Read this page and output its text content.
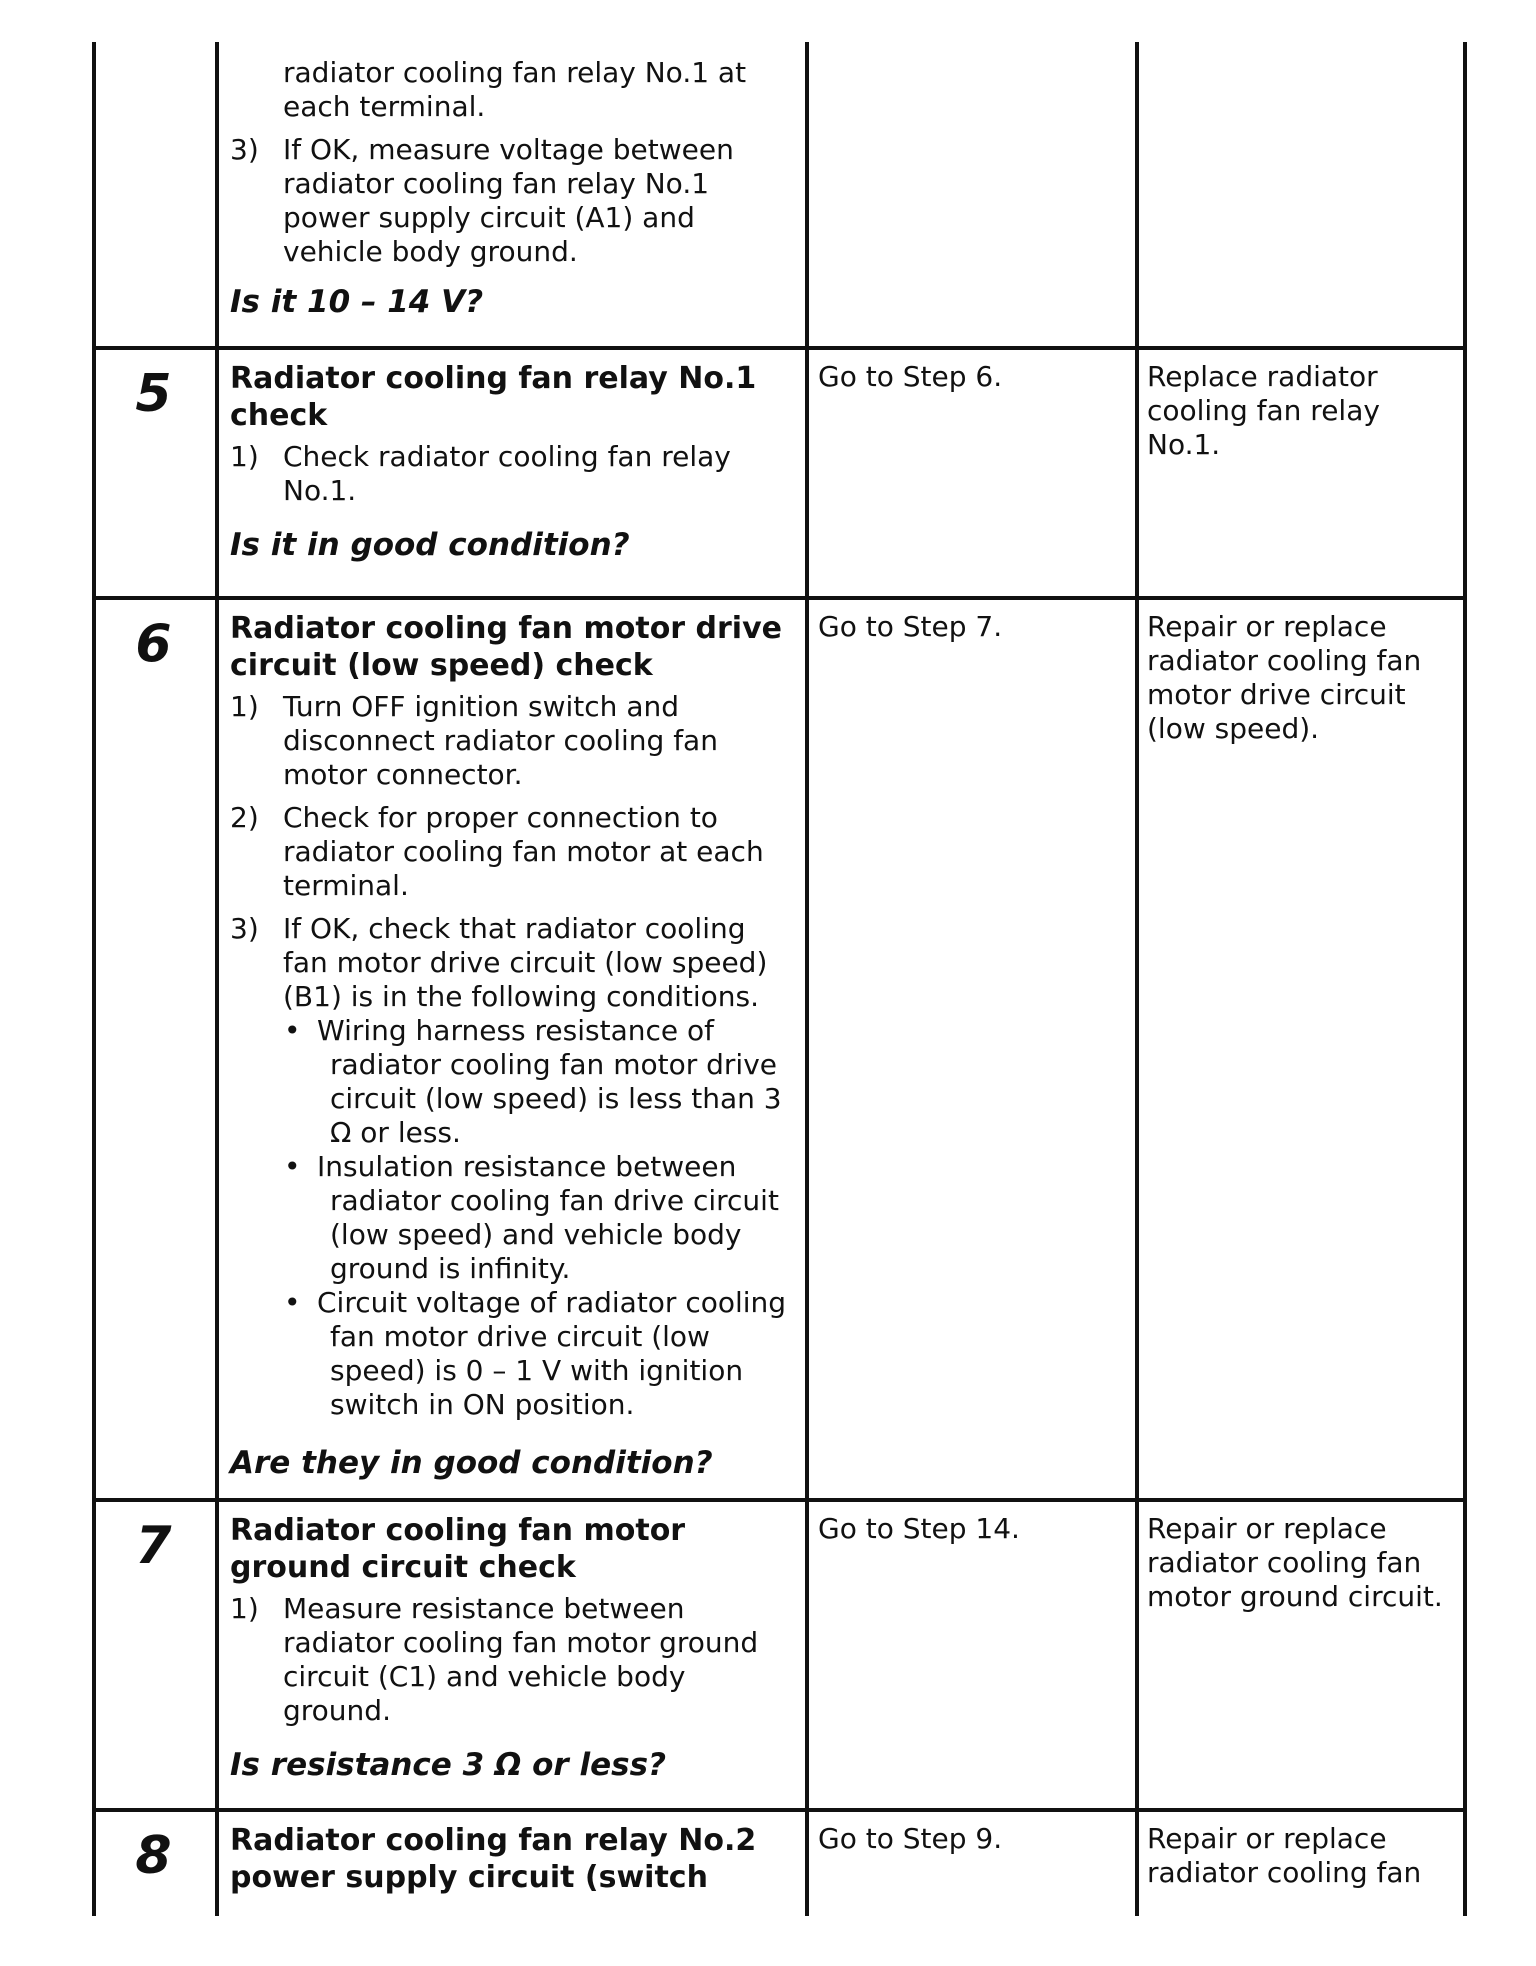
radiator cooling fan relay No.1 at each terminal.
3) If OK, measure voltage between radiator cooling fan relay No.1 power supply circuit (A1) and vehicle body ground.
Is it 10 – 14 V?
5	Radiator cooling fan relay No.1 check
1) Check radiator cooling fan relay No.1.
Is it in good condition?
Go to Step 6.	Replace radiator cooling fan relay No.1.
6	Radiator cooling fan motor drive circuit (low speed) check
1) Turn OFF ignition switch and disconnect radiator cooling fan motor connector.
2) Check for proper connection to radiator cooling fan motor at each terminal.
3) If OK, check that radiator cooling fan motor drive circuit (low speed) (B1) is in the following conditions.
• Wiring harness resistance of radiator cooling fan motor drive circuit (low speed) is less than 3 Ω or less.
• Insulation resistance between radiator cooling fan drive circuit (low speed) and vehicle body ground is infinity.
• Circuit voltage of radiator cooling fan motor drive circuit (low speed) is 0 – 1 V with ignition switch in ON position.
Are they in good condition?
Go to Step 7.	Repair or replace radiator cooling fan motor drive circuit (low speed).
7	Radiator cooling fan motor ground circuit check
1) Measure resistance between radiator cooling fan motor ground circuit (C1) and vehicle body ground.
Is resistance 3 Ω or less?
Go to Step 14.	Repair or replace radiator cooling fan motor ground circuit.
8	Radiator cooling fan relay No.2 power supply circuit (switch
Go to Step 9.	Repair or replace radiator cooling fan
